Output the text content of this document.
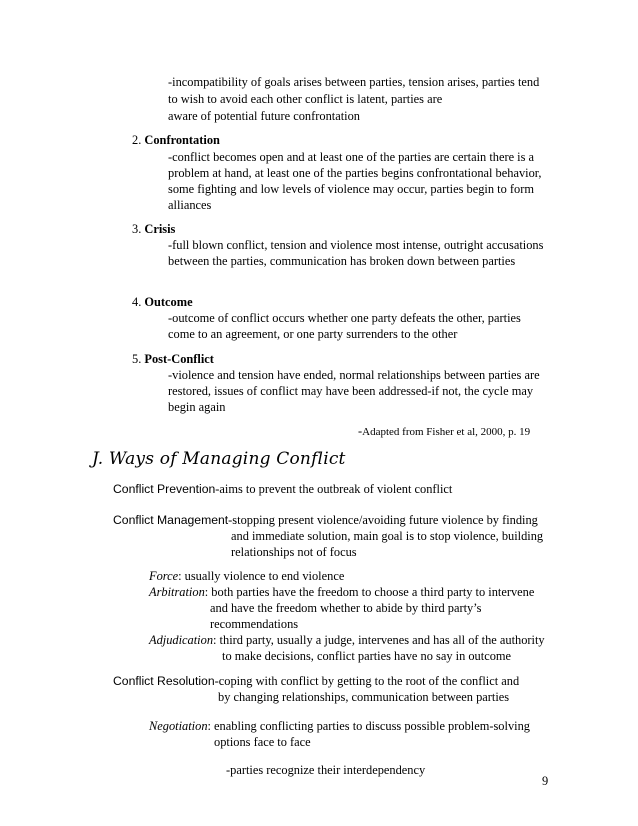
-incompatibility of goals arises between parties, tension arises, parties tend
to wish to avoid each other conflict is latent, parties are
aware of potential future confrontation
2. Confrontation
-conflict becomes open and at least one of the parties are certain there is a
problem at hand, at least one of the parties begins confrontational behavior,
some fighting and low levels of violence may occur, parties begin to form
alliances
3. Crisis
-full blown conflict, tension and violence most intense, outright accusations
between the parties, communication has broken down between parties
4. Outcome
-outcome of conflict occurs whether one party defeats the other, parties
come to an agreement, or one party surrenders to the other
5. Post-Conflict
-violence and tension have ended, normal relationships between parties are
restored, issues of conflict may have been addressed-if not, the cycle may
begin again
-Adapted from Fisher et al, 2000, p. 19
J. Ways of Managing Conflict
Conflict Prevention-aims to prevent the outbreak of violent conflict
Conflict Management-stopping present violence/avoiding future violence by finding
and immediate solution, main goal is to stop violence, building
relationships not of focus
Force: usually violence to end violence
Arbitration: both parties have the freedom to choose a third party to intervene
and have the freedom whether to abide by third party’s
recommendations
Adjudication: third party, usually a judge, intervenes and has all of the authority
to make decisions, conflict parties have no say in outcome
Conflict Resolution-coping with conflict by getting to the root of the conflict and
by changing relationships, communication between parties
Negotiation: enabling conflicting parties to discuss possible problem-solving
options face to face
-parties recognize their interdependency
9
